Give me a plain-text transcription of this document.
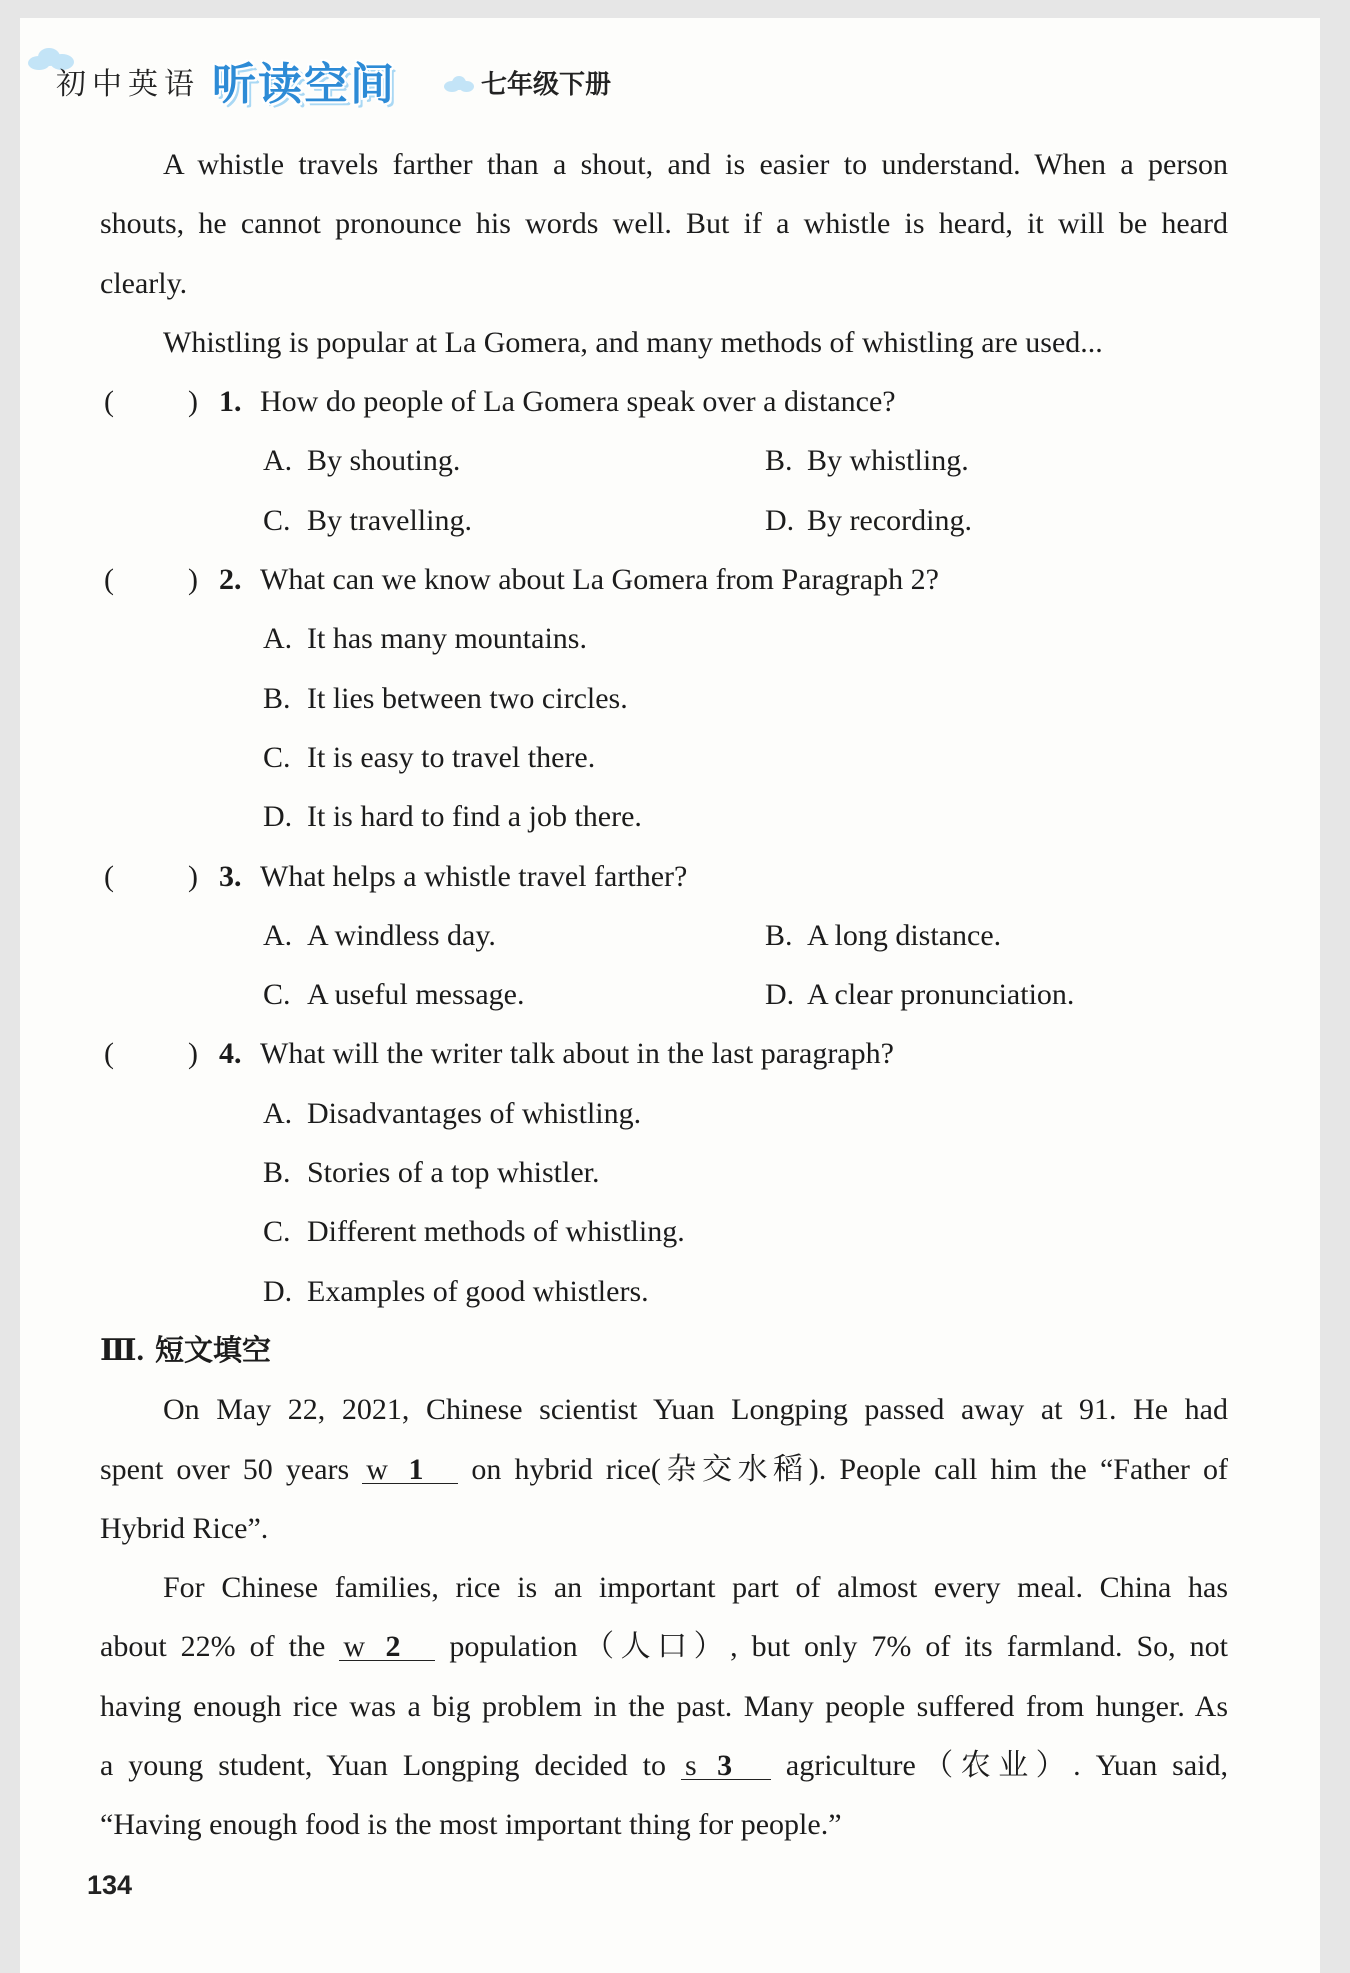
初中英语 听读空间	七年级下册
A whistle travels farther than a shout, and is easier to understand. When a person
shouts, he cannot pronounce his words well. But if a whistle is heard, it will be heard
clearly.
Whistling is popular at La Gomera, and many methods of whistling are used...
( ) 1. How do people of La Gomera speak over a distance?
A. By shouting.	B. By whistling.
C. By travelling.	D. By recording.
( ) 2. What can we know about La Gomera from Paragraph 2?
A. It has many mountains.
B. It lies between two circles.
C. It is easy to travel there.
D. It is hard to find a job there.
( ) 3. What helps a whistle travel farther?
A. A windless day.	B. A long distance.
C. A useful message.	D. A clear pronunciation.
( ) 4. What will the writer talk about in the last paragraph?
A. Disadvantages of whistling.
B. Stories of a top whistler.
C. Different methods of whistling.
D. Examples of good whistlers.
Ⅲ. 短文填空
On May 22, 2021, Chinese scientist Yuan Longping passed away at 91. He had
spent over 50 years w 1 on hybrid rice(杂交水稻). People call him the “Father of
Hybrid Rice”.
For Chinese families, rice is an important part of almost every meal. China has
about 22% of the w 2 population（人口）, but only 7% of its farmland. So, not
having enough rice was a big problem in the past. Many people suffered from hunger. As
a young student, Yuan Longping decided to s 3 agriculture（农业）. Yuan said,
“Having enough food is the most important thing for people.”
134
